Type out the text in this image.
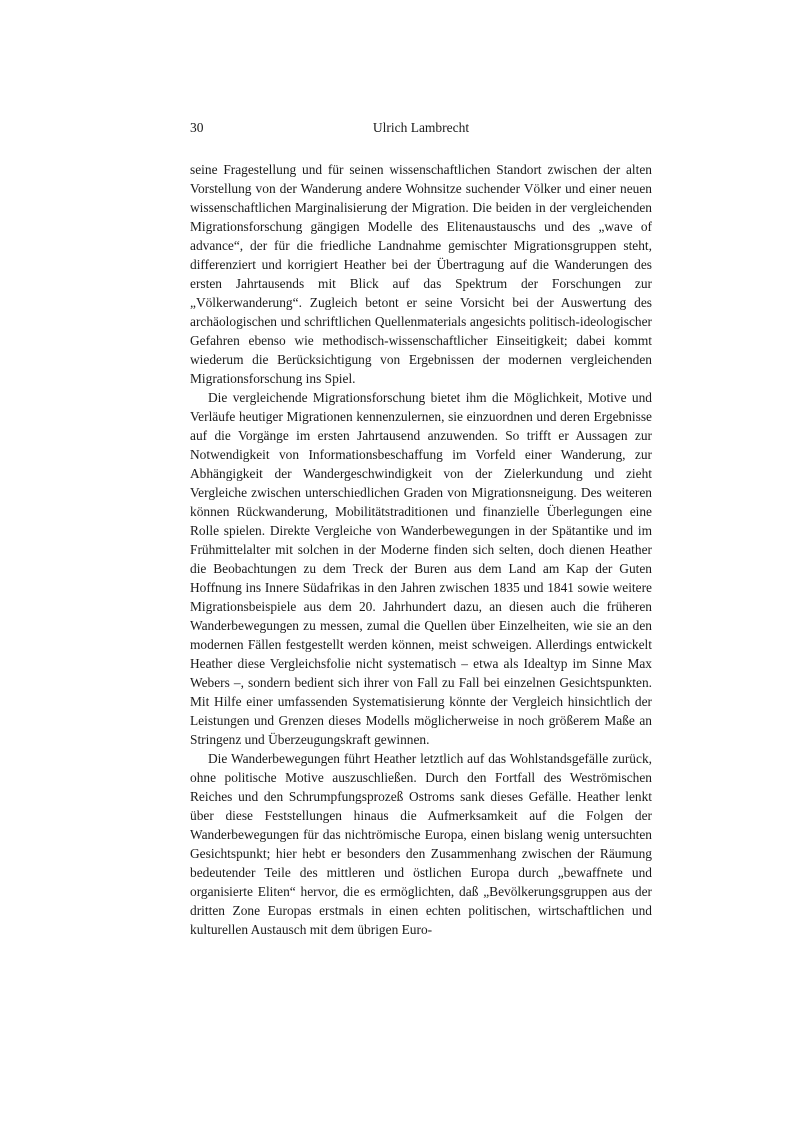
30	Ulrich Lambrecht

seine Fragestellung und für seinen wissenschaftlichen Standort zwischen der alten Vorstellung von der Wanderung andere Wohnsitze suchender Völker und einer neuen wissenschaftlichen Marginalisierung der Migration. Die beiden in der vergleichenden Migrationsforschung gängigen Modelle des Elitenaustauschs und des „wave of advance“, der für die friedliche Landnahme gemischter Migrationsgruppen steht, differenziert und korrigiert Heather bei der Übertragung auf die Wanderungen des ersten Jahrtausends mit Blick auf das Spektrum der Forschungen zur „Völkerwanderung“. Zugleich betont er seine Vorsicht bei der Auswertung des archäologischen und schriftlichen Quellenmaterials angesichts politisch-ideologischer Gefahren ebenso wie methodisch-wissenschaftlicher Einseitigkeit; dabei kommt wiederum die Berücksichtigung von Ergebnissen der modernen vergleichenden Migrationsforschung ins Spiel.

Die vergleichende Migrationsforschung bietet ihm die Möglichkeit, Motive und Verläufe heutiger Migrationen kennenzulernen, sie einzuordnen und deren Ergebnisse auf die Vorgänge im ersten Jahrtausend anzuwenden. So trifft er Aussagen zur Notwendigkeit von Informationsbeschaffung im Vorfeld einer Wanderung, zur Abhängigkeit der Wandergeschwindigkeit von der Zielerkundung und zieht Vergleiche zwischen unterschiedlichen Graden von Migrationsneigung. Des weiteren können Rückwanderung, Mobilitätstraditionen und finanzielle Überlegungen eine Rolle spielen. Direkte Vergleiche von Wanderbewegungen in der Spätantike und im Frühmittelalter mit solchen in der Moderne finden sich selten, doch dienen Heather die Beobachtungen zu dem Treck der Buren aus dem Land am Kap der Guten Hoffnung ins Innere Südafrikas in den Jahren zwischen 1835 und 1841 sowie weitere Migrationsbeispiele aus dem 20. Jahrhundert dazu, an diesen auch die früheren Wanderbewegungen zu messen, zumal die Quellen über Einzelheiten, wie sie an den modernen Fällen festgestellt werden können, meist schweigen. Allerdings entwickelt Heather diese Vergleichsfolie nicht systematisch – etwa als Idealtyp im Sinne Max Webers –, sondern bedient sich ihrer von Fall zu Fall bei einzelnen Gesichtspunkten. Mit Hilfe einer umfassenden Systematisierung könnte der Vergleich hinsichtlich der Leistungen und Grenzen dieses Modells möglicherweise in noch größerem Maße an Stringenz und Überzeugungskraft gewinnen.

Die Wanderbewegungen führt Heather letztlich auf das Wohlstandsgefälle zurück, ohne politische Motive auszuschließen. Durch den Fortfall des Weströmischen Reiches und den Schrumpfungsprozeß Ostroms sank dieses Gefälle. Heather lenkt über diese Feststellungen hinaus die Aufmerksamkeit auf die Folgen der Wanderbewegungen für das nichtrömische Europa, einen bislang wenig untersuchten Gesichtspunkt; hier hebt er besonders den Zusammenhang zwischen der Räumung bedeutender Teile des mittleren und östlichen Europa durch „bewaffnete und organisierte Eliten“ hervor, die es ermöglichten, daß „Bevölkerungsgruppen aus der dritten Zone Europas erstmals in einen echten politischen, wirtschaftlichen und kulturellen Austausch mit dem übrigen Euro-
